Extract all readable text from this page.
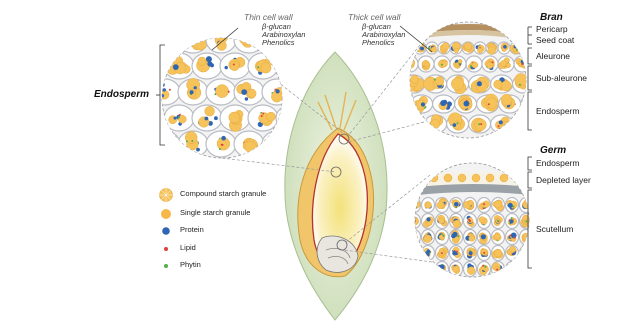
Thin cell wall
β-glucan
Arabinoxylan
Phenolics
Thick cell wall
β-glucan
Arabinoxylan
Phenolics
Endosperm
Bran
Pericarp
Seed coat
Aleurone
Sub-aleurone
Endosperm
Germ
Endosperm
Depleted layer
Scutellum
Compound starch granule
Single starch granule
Protein
Lipid
Phytin
